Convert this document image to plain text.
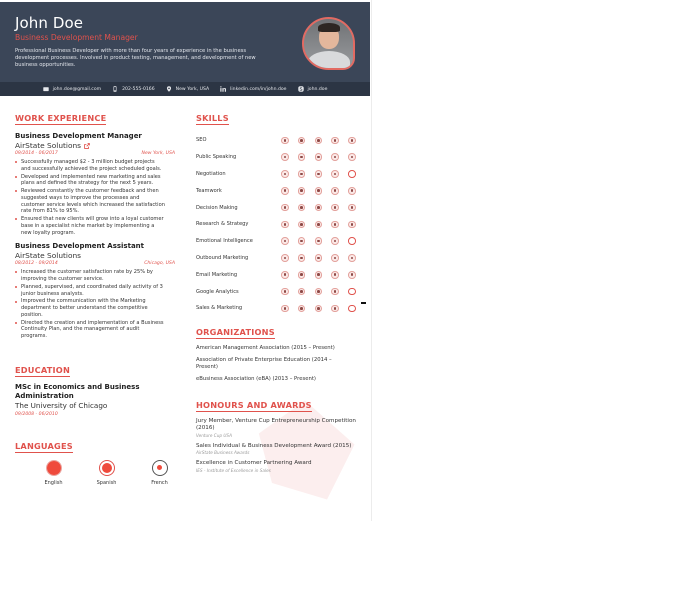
John Doe
Business Development Manager
Professional Business Developer with more than four years of experience in the business development processes. Involved in product testing, management, and development of new business opportunities.
john.doe@gmail.com	202-555-0166	New York, USA	linkedin.com/in/john.doe	john.doe
WORK EXPERIENCE
Business Development Manager
AirState Solutions
09/2014 - 06/2017	New York, USA
Successfully managed $2 - 3 million budget projects and successfully achieved the project scheduled goals.
Developed and implemented new marketing and sales plans and defined the strategy for the next 5 years.
Reviewed constantly the customer feedback and then suggested ways to improve the processes and customer service levels which increased the satisfaction rate from 81% to 95%.
Ensured that new clients will grow into a loyal customer base in a specialist niche market by implementing a new loyalty program.
Business Development Assistant
AirState Solutions
08/2012 - 09/2014	Chicago, USA
Increased the customer satisfaction rate by 25% by improving the customer service.
Planned, supervised, and coordinated daily activity of 3 junior business analysts.
Improved the communication with the Marketing department to better understand the competitive position.
Directed the creation and implementation of a Business Continuity Plan, and the management of audit programs.
EDUCATION
MSc in Economics and Business Administration
The University of Chicago
09/2008 - 06/2010
LANGUAGES
English	Spanish	French
SKILLS
SEO
Public Speaking
Negotiation
Teamwork
Decision Making
Research & Strategy
Emotional Intelligence
Outbound Marketing
Email Marketing
Google Analytics
Sales & Marketing
ORGANIZATIONS
American Management Association (2015 – Present)
Association of Private Enterprise Education (2014 – Present)
eBusiness Association (eBA) (2013 – Present)
HONOURS AND AWARDS
Jury Member, Venture Cup Entrepreneurship Competition (2016)
Venture Cup USA
Sales Individual & Business Development Award (2015)
AirState Business Awards
Excellence in Customer Partnering Award
IES - Institute of Excellence in Sales
